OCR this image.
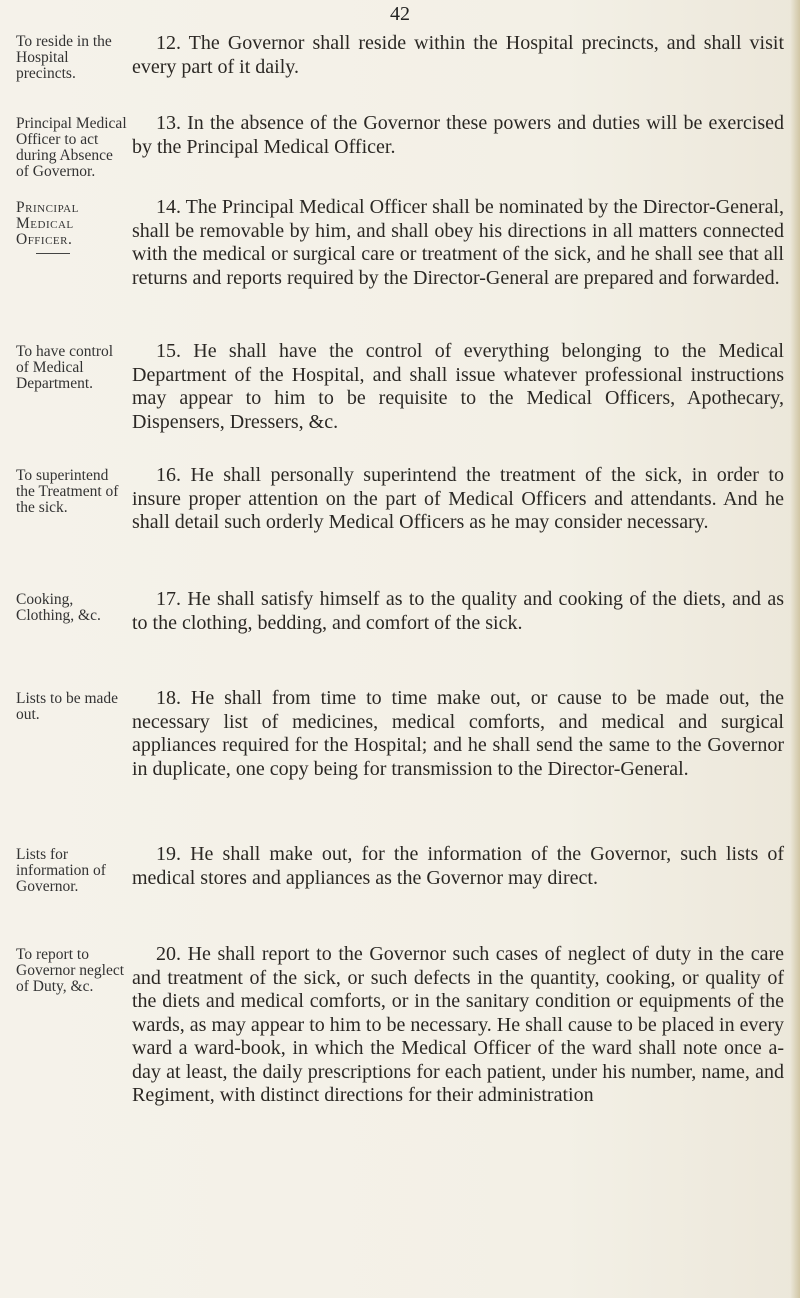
42
To reside in the Hospital precincts.
12. The Governor shall reside within the Hospital precincts, and shall visit every part of it daily.
Principal Medical Officer to act during Absence of Governor.
13. In the absence of the Governor these powers and duties will be exercised by the Principal Medical Officer.
Principal Medical Officer.
14. The Principal Medical Officer shall be nominated by the Director-General, shall be removable by him, and shall obey his directions in all matters connected with the medical or surgical care or treatment of the sick, and he shall see that all returns and reports required by the Director-General are prepared and forwarded.
To have control of Medical Department.
15. He shall have the control of everything belonging to the Medical Department of the Hospital, and shall issue whatever professional instructions may appear to him to be requisite to the Medical Officers, Apothecary, Dispensers, Dressers, &c.
To superintend the Treatment of the sick.
16. He shall personally superintend the treatment of the sick, in order to insure proper attention on the part of Medical Officers and attendants. And he shall detail such orderly Medical Officers as he may consider necessary.
Cooking, Clothing, &c.
17. He shall satisfy himself as to the quality and cooking of the diets, and as to the clothing, bedding, and comfort of the sick.
Lists to be made out.
18. He shall from time to time make out, or cause to be made out, the necessary list of medicines, medical comforts, and medical and surgical appliances required for the Hospital; and he shall send the same to the Governor in duplicate, one copy being for transmission to the Director-General.
Lists for information of Governor.
19. He shall make out, for the information of the Governor, such lists of medical stores and appliances as the Governor may direct.
To report to Governor neglect of Duty, &c.
20. He shall report to the Governor such cases of neglect of duty in the care and treatment of the sick, or such defects in the quantity, cooking, or quality of the diets and medical comforts, or in the sanitary condition or equipments of the wards, as may appear to him to be necessary. He shall cause to be placed in every ward a ward-book, in which the Medical Officer of the ward shall note once a-day at least, the daily prescriptions for each patient, under his number, name, and Regiment, with distinct directions for their administration
